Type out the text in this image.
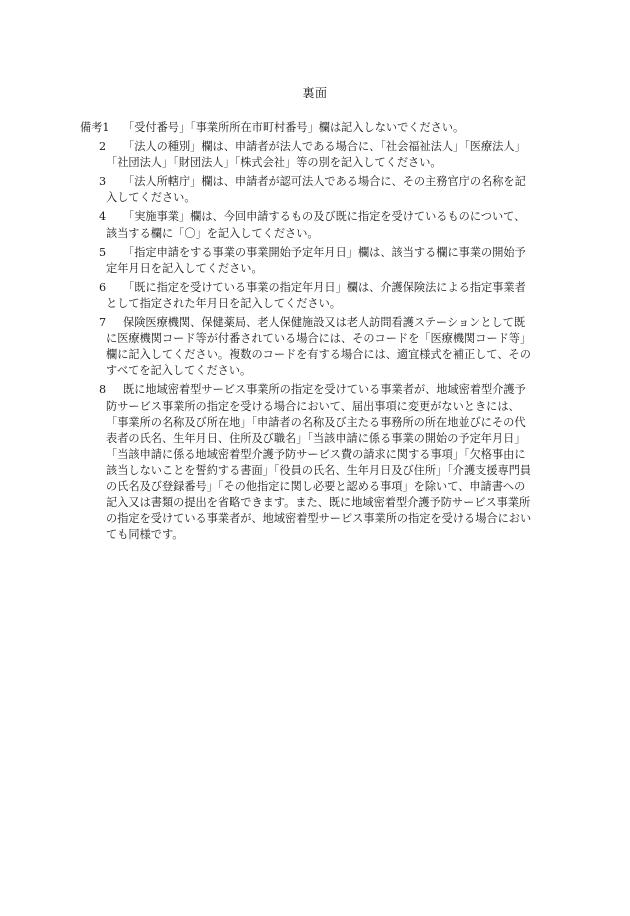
裏面
備考1	「受付番号」「事業所所在市町村番号」欄は記入しないでください。
2	「法人の種別」欄は、申請者が法人である場合に、「社会福祉法人」「医療法人」「社団法人」「財団法人」「株式会社」等の別を記入してください。
3	「法人所轄庁」欄は、申請者が認可法人である場合に、その主務官庁の名称を記入してください。
4	「実施事業」欄は、今回申請するもの及び既に指定を受けているものについて、該当する欄に「〇」を記入してください。
5	「指定申請をする事業の事業開始予定年月日」欄は、該当する欄に事業の開始予定年月日を記入してください。
6	「既に指定を受けている事業の指定年月日」欄は、介護保険法による指定事業者として指定された年月日を記入してください。
7	保険医療機関、保健薬局、老人保健施設又は老人訪問看護ステーションとして既に医療機関コード等が付番されている場合には、そのコードを「医療機関コード等」欄に記入してください。複数のコードを有する場合には、適宜様式を補正して、そのすべてを記入してください。
8	既に地域密着型サービス事業所の指定を受けている事業者が、地域密着型介護予防サービス事業所の指定を受ける場合において、届出事項に変更がないときには、「事業所の名称及び所在地」「申請者の名称及び主たる事務所の所在地並びにその代表者の氏名、生年月日、住所及び職名」「当該申請に係る事業の開始の予定年月日」「当該申請に係る地域密着型介護予防サービス費の請求に関する事項」「欠格事由に該当しないことを誓約する書面」「役員の氏名、生年月日及び住所」「介護支援専門員の氏名及び登録番号」「その他指定に関し必要と認める事項」を除いて、申請書への記入又は書類の提出を省略できます。また、既に地域密着型介護予防サービス事業所の指定を受けている事業者が、地域密着型サービス事業所の指定を受ける場合においても同様です。
